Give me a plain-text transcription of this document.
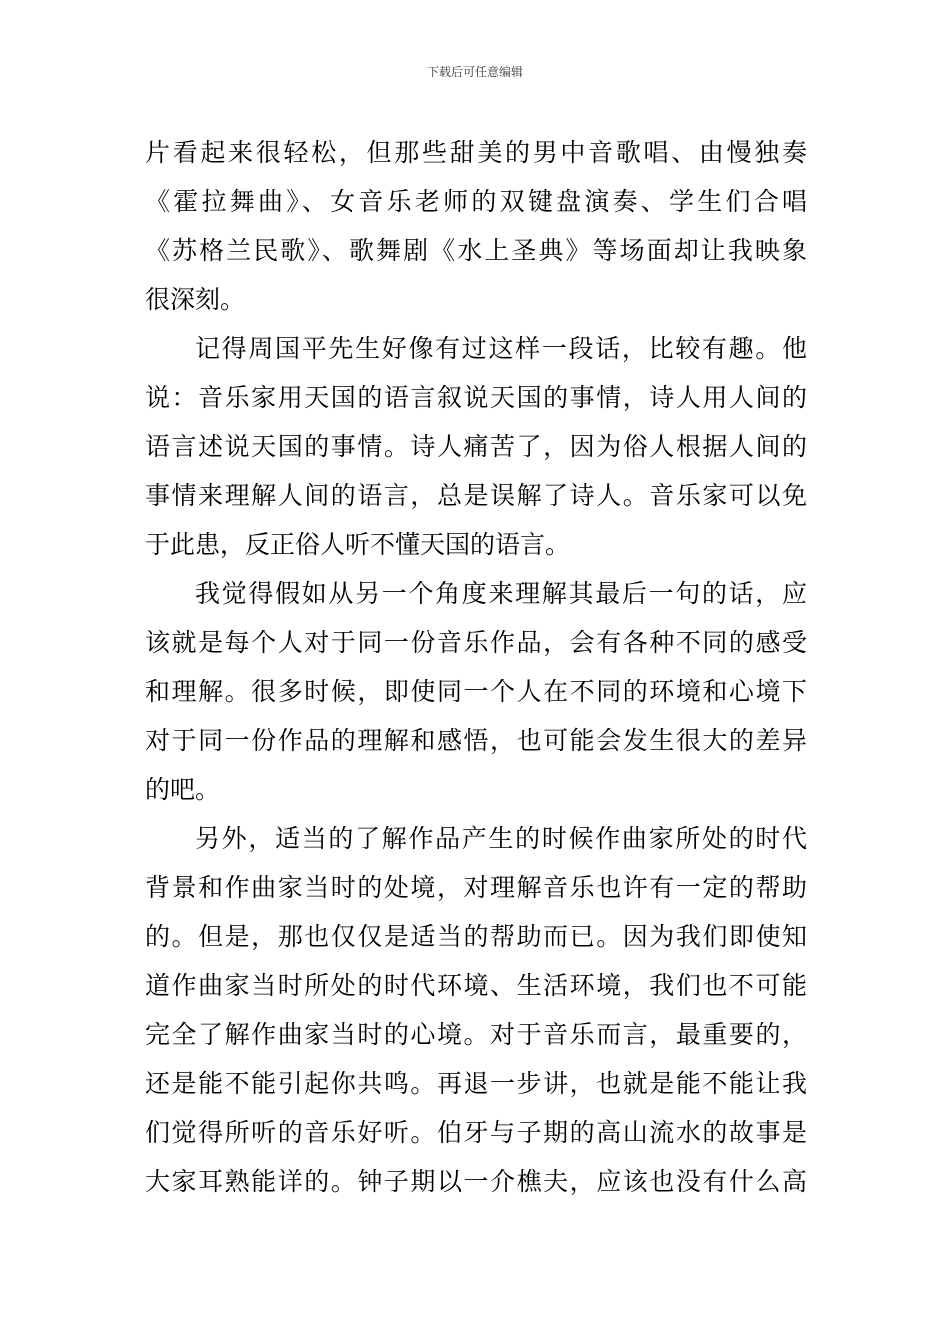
下载后可任意编辑
片看起来很轻松，但那些甜美的男中音歌唱、由慢独奏
《霍拉舞曲》、女音乐老师的双键盘演奏、学生们合唱
《苏格兰民歌》、歌舞剧《水上圣典》等场面却让我映象
很深刻。
记得周国平先生好像有过这样一段话，比较有趣。他
说：音乐家用天国的语言叙说天国的事情，诗人用人间的
语言述说天国的事情。诗人痛苦了，因为俗人根据人间的
事情来理解人间的语言，总是误解了诗人。音乐家可以免
于此患，反正俗人听不懂天国的语言。
我觉得假如从另一个角度来理解其最后一句的话，应
该就是每个人对于同一份音乐作品，会有各种不同的感受
和理解。很多时候，即使同一个人在不同的环境和心境下
对于同一份作品的理解和感悟，也可能会发生很大的差异
的吧。
另外，适当的了解作品产生的时候作曲家所处的时代
背景和作曲家当时的处境，对理解音乐也许有一定的帮助
的。但是，那也仅仅是适当的帮助而已。因为我们即使知
道作曲家当时所处的时代环境、生活环境，我们也不可能
完全了解作曲家当时的心境。对于音乐而言，最重要的，
还是能不能引起你共鸣。再退一步讲，也就是能不能让我
们觉得所听的音乐好听。伯牙与子期的高山流水的故事是
大家耳熟能详的。钟子期以一介樵夫，应该也没有什么高
